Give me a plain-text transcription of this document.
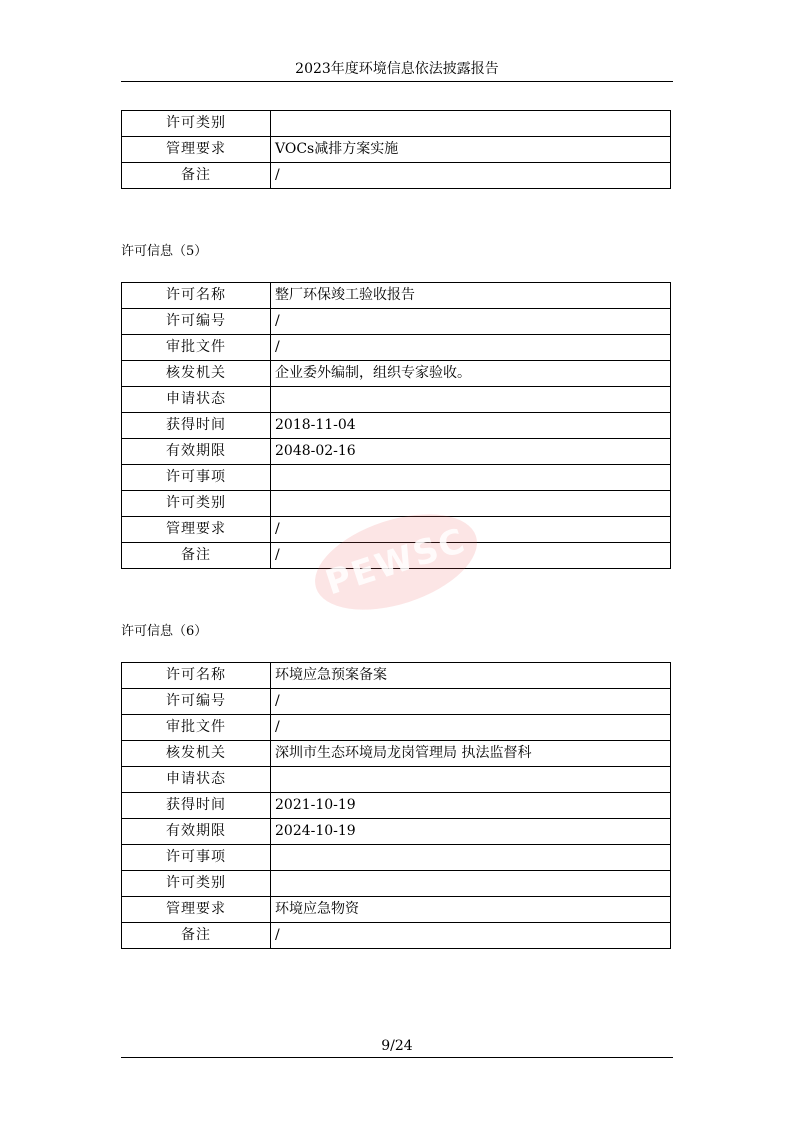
2023年度环境信息依法披露报告
许可类别	
管理要求	VOCs减排方案实施
备注	/
许可信息（5）
许可名称	整厂环保竣工验收报告
许可编号	/
审批文件	/
核发机关	企业委外编制，组织专家验收。
申请状态	
获得时间	2018-11-04
有效期限	2048-02-16
许可事项	
许可类别	
管理要求	/
备注	/ PEWSC
许可信息（6）
许可名称	环境应急预案备案
许可编号	/
审批文件	/
核发机关	深圳市生态环境局龙岗管理局 执法监督科
申请状态	
获得时间	2021-10-19
有效期限	2024-10-19
许可事项	
许可类别	
管理要求	环境应急物资
备注	/
9/24
